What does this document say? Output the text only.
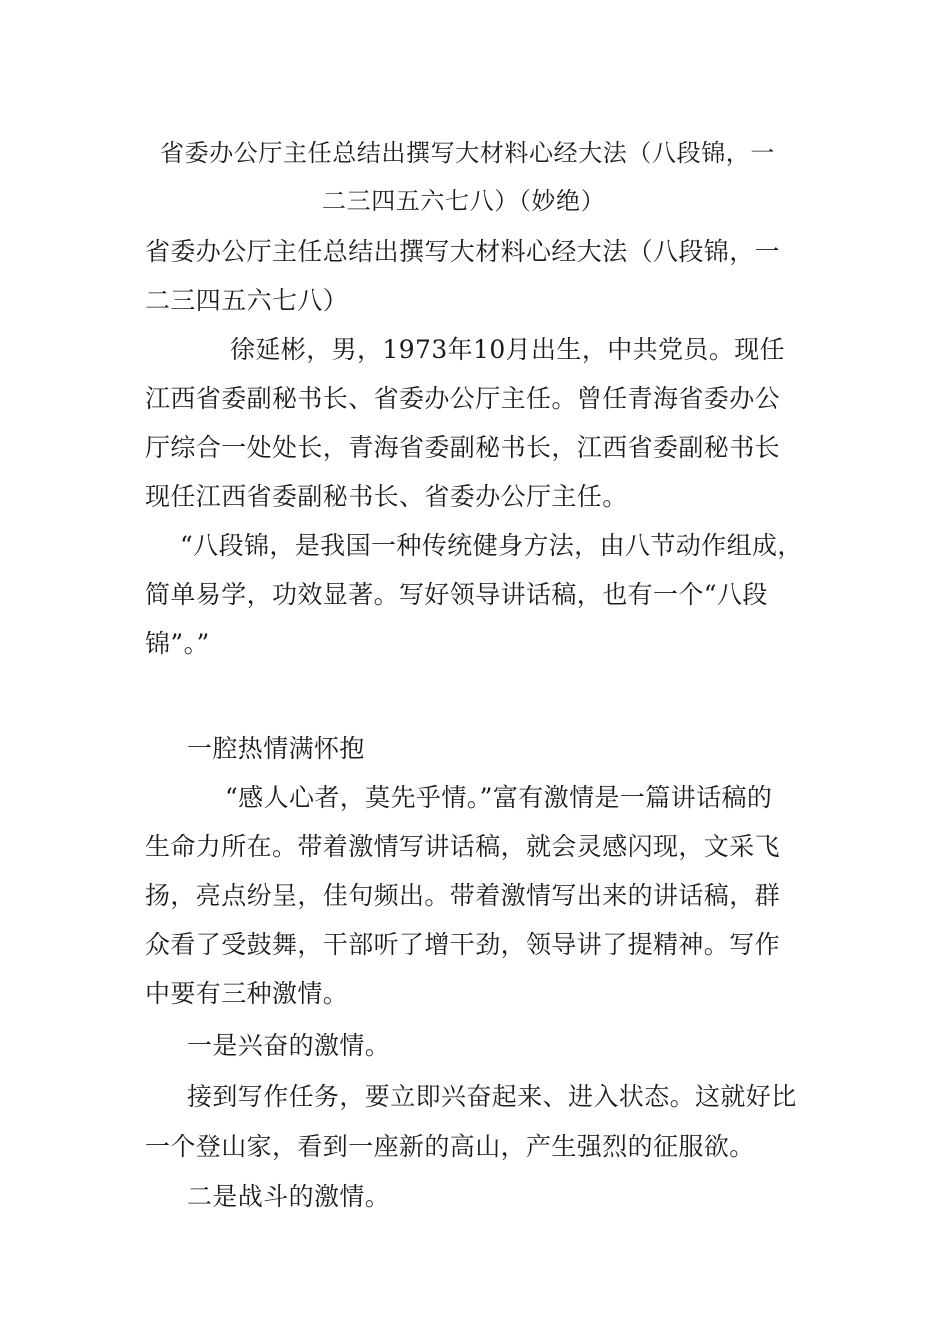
省委办公厅主任总结出撰写大材料心经大法（八段锦，一
二三四五六七八）（妙绝）
省委办公厅主任总结出撰写大材料心经大法（八段锦，一
二三四五六七八）
徐延彬，男，1973年10月出生，中共党员。现任
江西省委副秘书长、省委办公厅主任。曾任青海省委办公
厅综合一处处长，青海省委副秘书长，江西省委副秘书长
现任江西省委副秘书长、省委办公厅主任。
“八段锦，是我国一种传统健身方法，由八节动作组成，
简单易学，功效显著。写好领导讲话稿，也有一个“八段
锦”。”
一腔热情满怀抱
“感人心者，莫先乎情。”富有激情是一篇讲话稿的
生命力所在。带着激情写讲话稿，就会灵感闪现，文采飞
扬，亮点纷呈，佳句频出。带着激情写出来的讲话稿，群
众看了受鼓舞，干部听了增干劲，领导讲了提精神。写作
中要有三种激情。
一是兴奋的激情。
接到写作任务，要立即兴奋起来、进入状态。这就好比
一个登山家，看到一座新的高山，产生强烈的征服欲。
二是战斗的激情。
